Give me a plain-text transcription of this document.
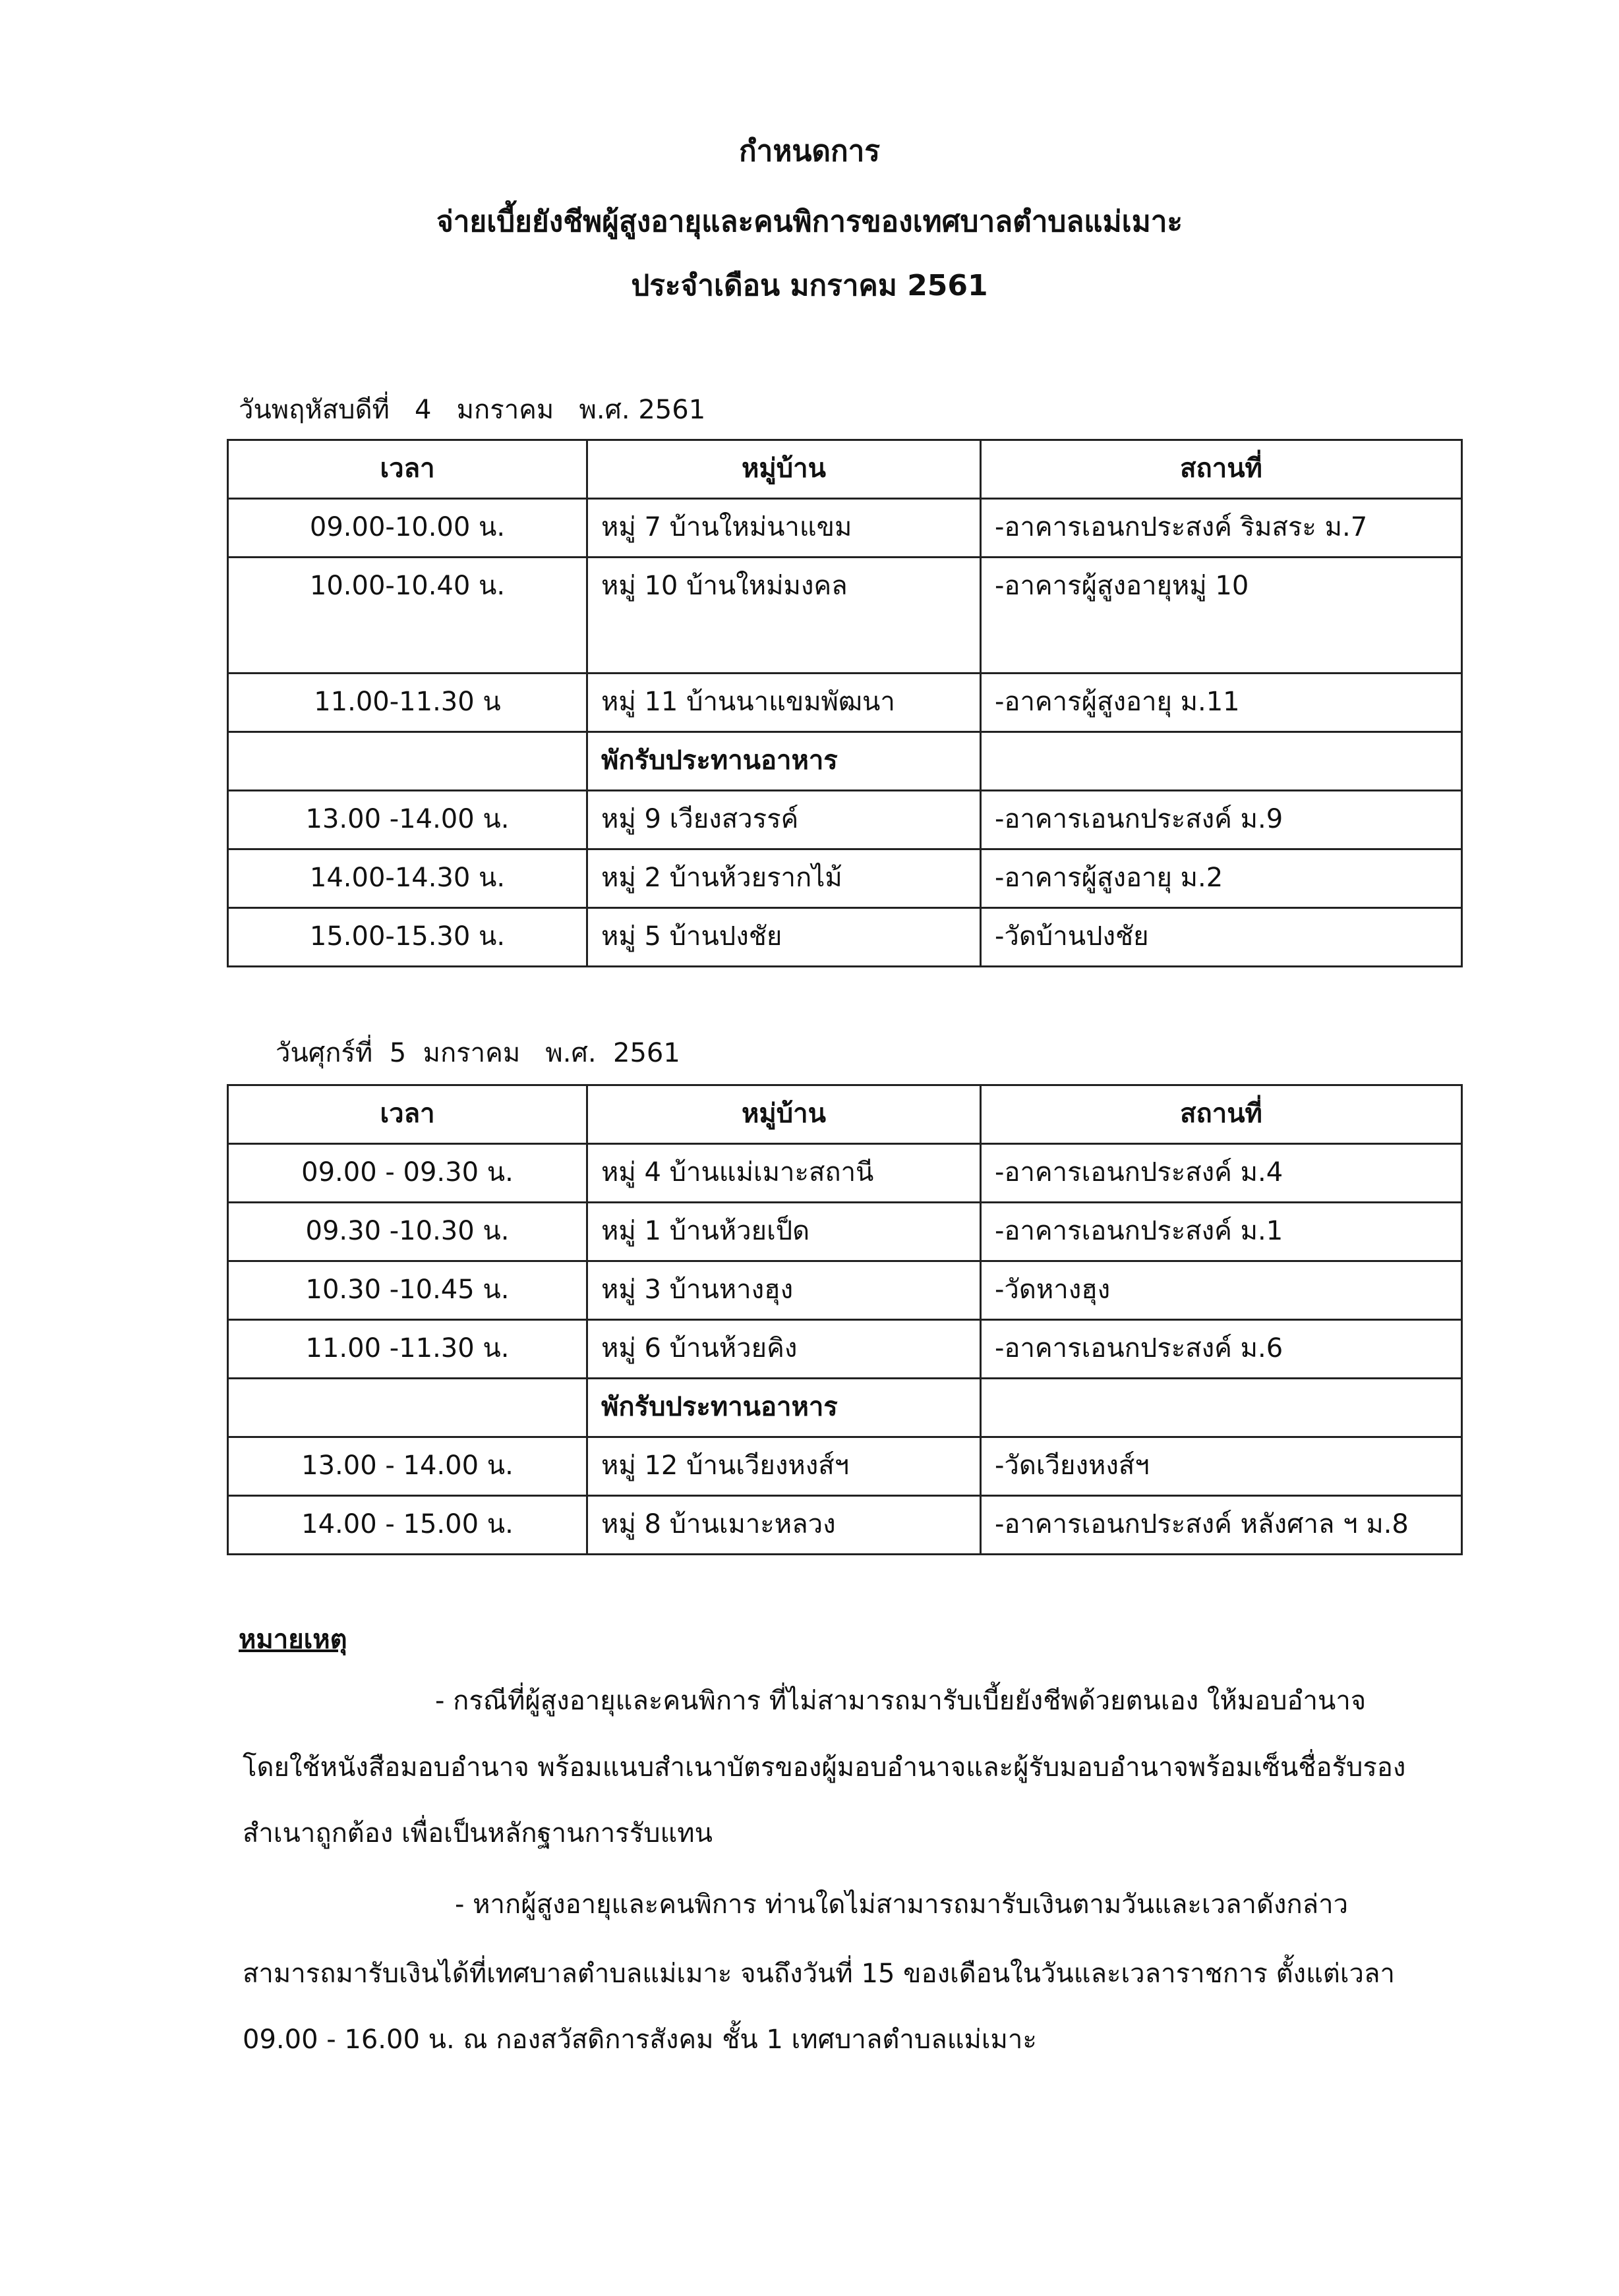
กำหนดการ
จ่ายเบี้ยยังชีพผู้สูงอายุและคนพิการของเทศบาลตำบลแม่เมาะ
ประจำเดือน มกราคม 2561
วันพฤหัสบดีที่   4   มกราคม   พ.ศ. 2561
เวลา	หมู่บ้าน	สถานที่
09.00-10.00 น.	หมู่ 7 บ้านใหม่นาแขม	-อาคารเอนกประสงค์ ริมสระ ม.7
10.00-10.40 น.	หมู่ 10 บ้านใหม่มงคล	-อาคารผู้สูงอายุหมู่ 10
11.00-11.30 น	หมู่ 11 บ้านนาแขมพัฒนา	-อาคารผู้สูงอายุ ม.11
	พักรับประทานอาหาร	
13.00 -14.00 น.	หมู่ 9 เวียงสวรรค์	-อาคารเอนกประสงค์ ม.9
14.00-14.30 น.	หมู่ 2 บ้านห้วยรากไม้	-อาคารผู้สูงอายุ ม.2
15.00-15.30 น.	หมู่ 5 บ้านปงชัย	-วัดบ้านปงชัย
วันศุกร์ที่  5  มกราคม   พ.ศ.  2561
เวลา	หมู่บ้าน	สถานที่
09.00 - 09.30 น.	หมู่ 4 บ้านแม่เมาะสถานี	-อาคารเอนกประสงค์ ม.4
09.30 -10.30 น.	หมู่ 1 บ้านห้วยเป็ด	-อาคารเอนกประสงค์ ม.1
10.30 -10.45 น.	หมู่ 3 บ้านหางฮุง	-วัดหางฮุง
11.00 -11.30 น.	หมู่ 6 บ้านห้วยคิง	-อาคารเอนกประสงค์ ม.6
	พักรับประทานอาหาร	
13.00 - 14.00 น.	หมู่ 12 บ้านเวียงหงส์ฯ	-วัดเวียงหงส์ฯ
14.00 - 15.00 น.	หมู่ 8 บ้านเมาะหลวง	-อาคารเอนกประสงค์ หลังศาล ฯ ม.8
หมายเหตุ
- กรณีที่ผู้สูงอายุและคนพิการ ที่ไม่สามารถมารับเบี้ยยังชีพด้วยตนเอง ให้มอบอำนาจ
โดยใช้หนังสือมอบอำนาจ พร้อมแนบสำเนาบัตรของผู้มอบอำนาจและผู้รับมอบอำนาจพร้อมเซ็นชื่อรับรอง
สำเนาถูกต้อง เพื่อเป็นหลักฐานการรับแทน
- หากผู้สูงอายุและคนพิการ ท่านใดไม่สามารถมารับเงินตามวันและเวลาดังกล่าว
สามารถมารับเงินได้ที่เทศบาลตำบลแม่เมาะ จนถึงวันที่ 15 ของเดือนในวันและเวลาราชการ ตั้งแต่เวลา
09.00 - 16.00 น. ณ กองสวัสดิการสังคม ชั้น 1 เทศบาลตำบลแม่เมาะ
